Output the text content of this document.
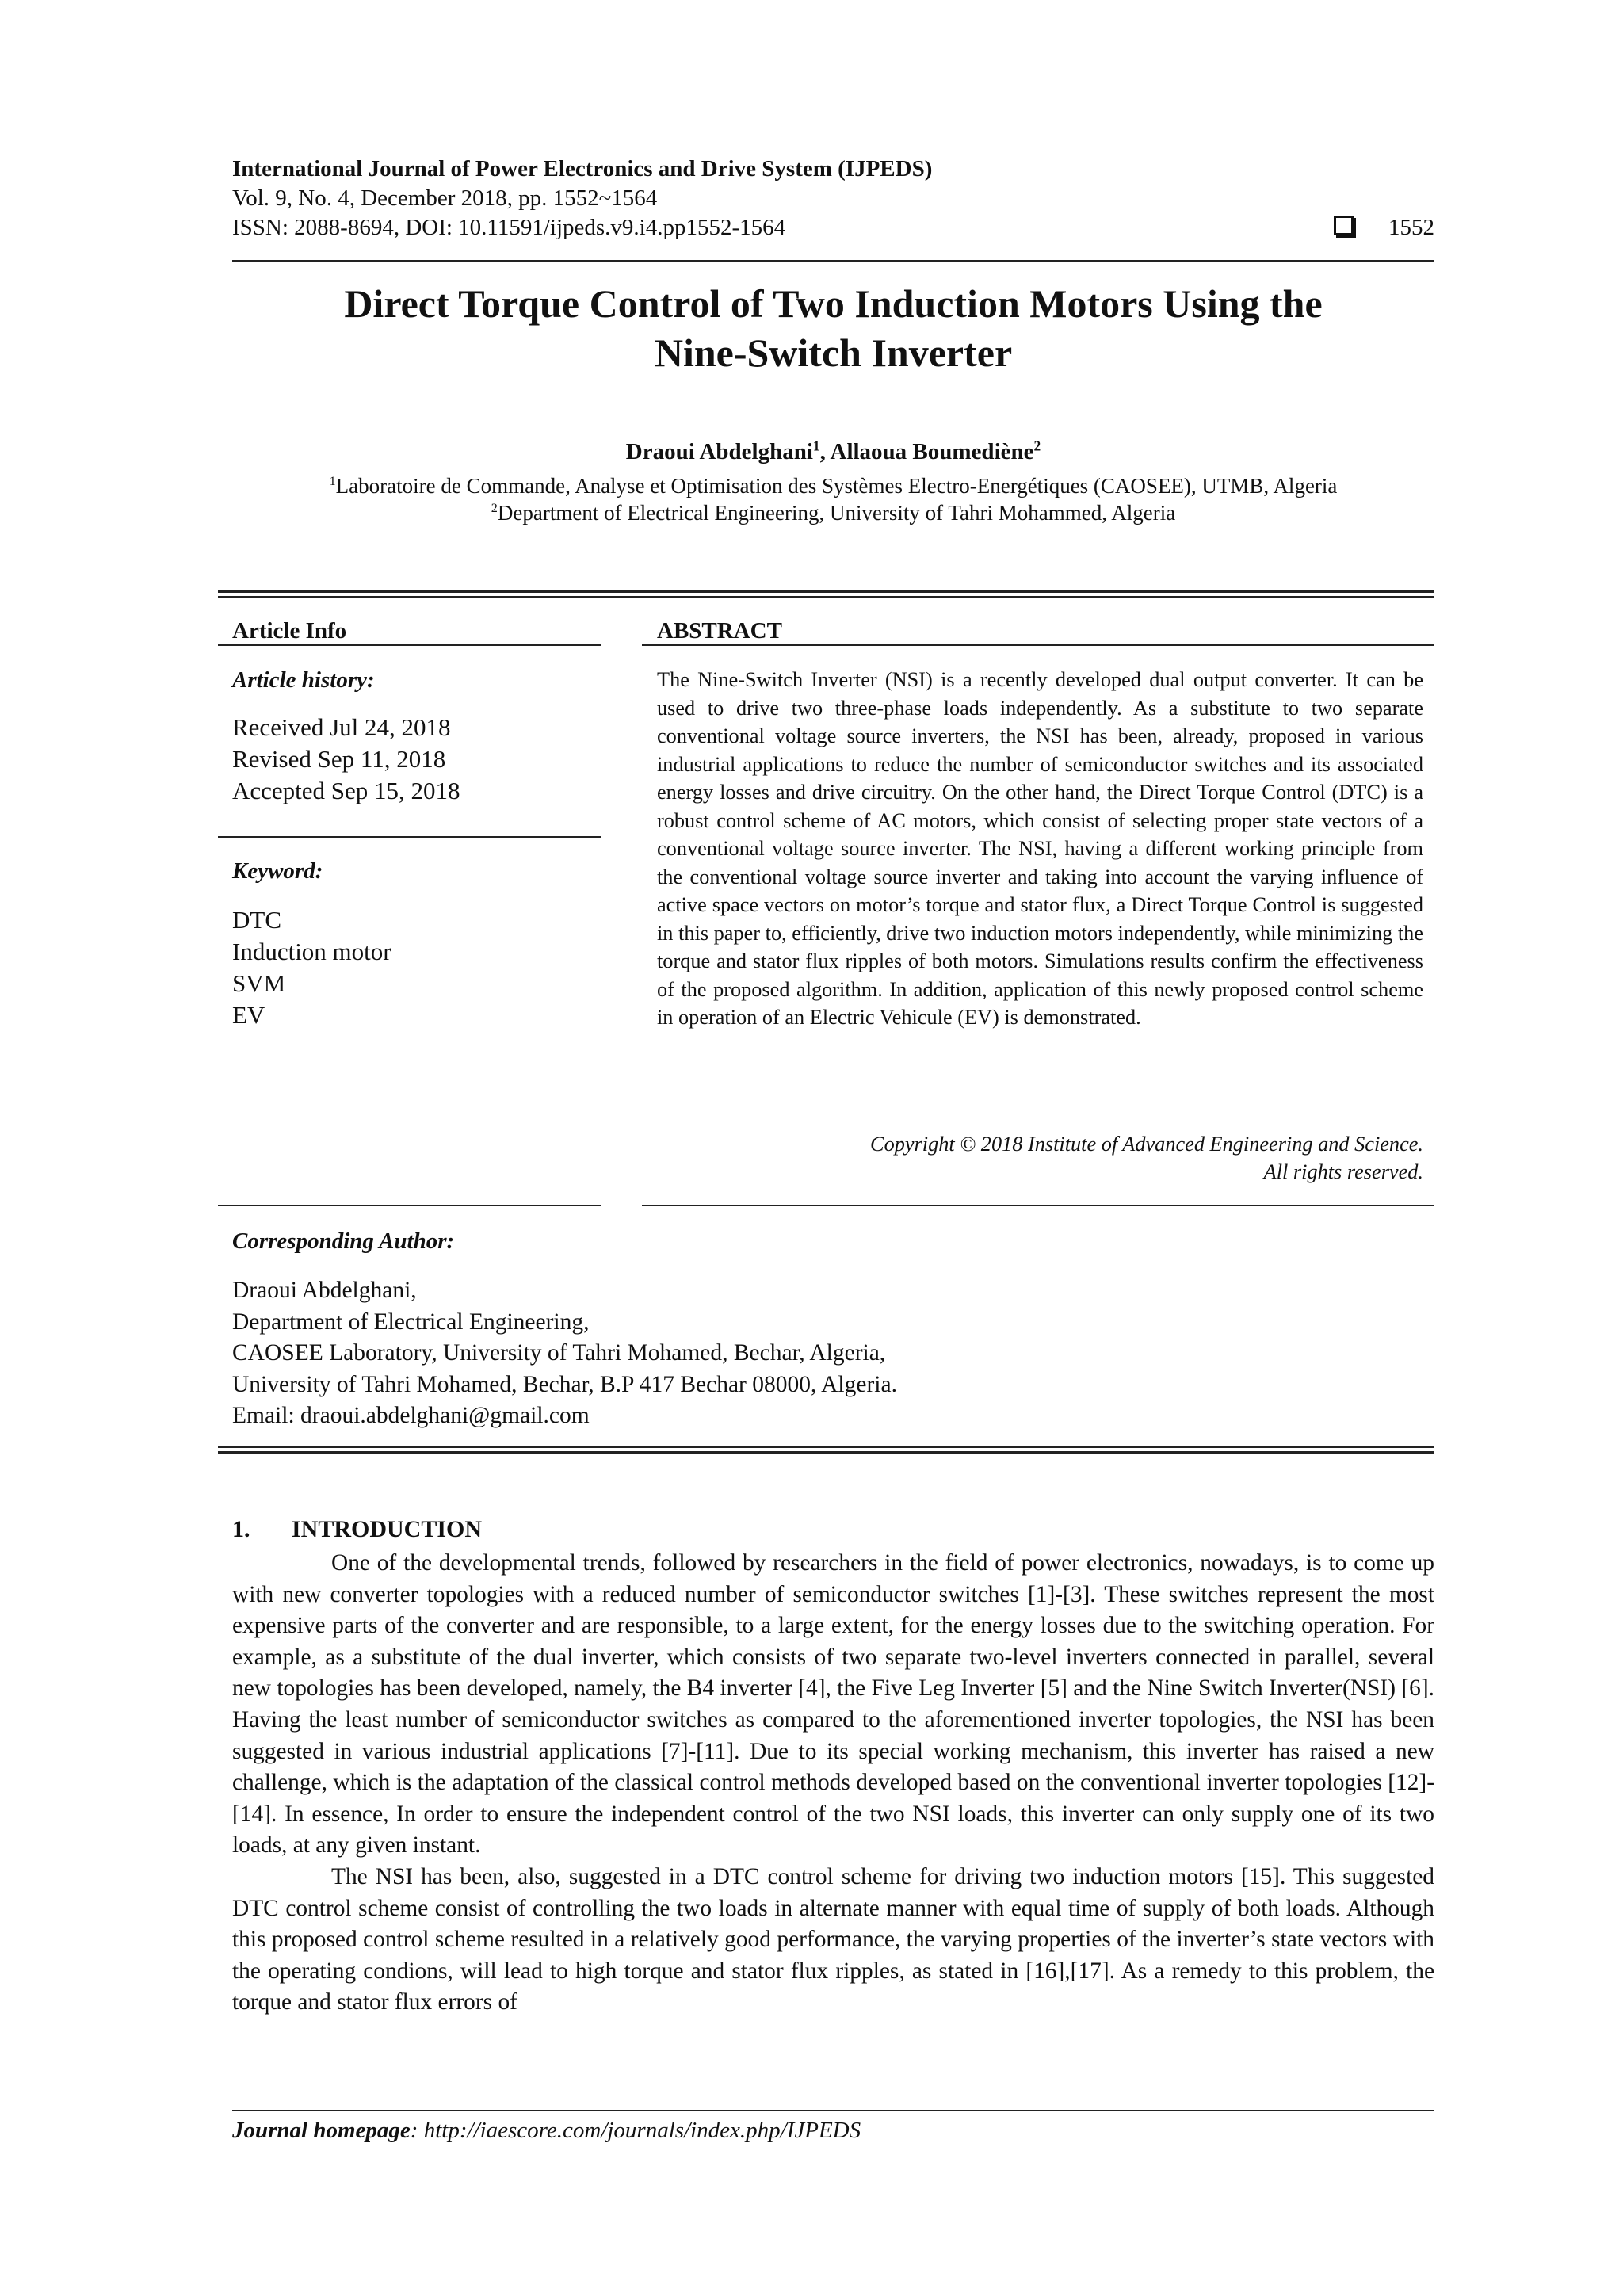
International Journal of Power Electronics and Drive System (IJPEDS)
Vol. 9, No. 4, December 2018, pp. 1552~1564
ISSN: 2088-8694, DOI: 10.11591/ijpeds.v9.i4.pp1552-1564	1552
Direct Torque Control of Two Induction Motors Using the
Nine-Switch Inverter
Draoui Abdelghani$^1$, Allaoua Boumediène$^2$
$^1$Laboratoire de Commande, Analyse et Optimisation des Systèmes Electro-Energétiques (CAOSEE), UTMB, Algeria
$^2$Department of Electrical Engineering, University of Tahri Mohammed, Algeria
Article Info
Article history:
Received Jul 24, 2018
Revised Sep 11, 2018
Accepted Sep 15, 2018
Keyword:
DTC
Induction motor
SVM
EV
ABSTRACT
The Nine-Switch Inverter (NSI) is a recently developed dual output converter. It can be used to drive two three-phase loads independently. As a substitute to two separate conventional voltage source inverters, the NSI has been, already, proposed in various industrial applications to reduce the number of semiconductor switches and its associated energy losses and drive circuitry. On the other hand, the Direct Torque Control (DTC) is a robust control scheme of AC motors, which consist of selecting proper state vectors of a conventional voltage source inverter. The NSI, having a different working principle from the conventional voltage source inverter and taking into account the varying influence of active space vectors on motor’s torque and stator flux, a Direct Torque Control is suggested in this paper to, efficiently, drive two induction motors independently, while minimizing the torque and stator flux ripples of both motors. Simulations results confirm the effectiveness of the proposed algorithm. In addition, application of this newly proposed control scheme in operation of an Electric Vehicule (EV) is demonstrated.
Copyright © 2018 Institute of Advanced Engineering and Science.
All rights reserved.
Corresponding Author:
Draoui Abdelghani,
Department of Electrical Engineering,
CAOSEE Laboratory, University of Tahri Mohamed, Bechar, Algeria,
University of Tahri Mohamed, Bechar, B.P 417 Bechar 08000, Algeria.
Email: draoui.abdelghani@gmail.com
1. INTRODUCTION

One of the developmental trends, followed by researchers in the field of power electronics, nowadays, is to come up with new converter topologies with a reduced number of semiconductor switches [1]-[3]. These switches represent the most expensive parts of the converter and are responsible, to a large extent, for the energy losses due to the switching operation. For example, as a substitute of the dual inverter, which consists of two separate two-level inverters connected in parallel, several new topologies has been developed, namely, the B4 inverter [4], the Five Leg Inverter [5] and the Nine Switch Inverter(NSI) [6]. Having the least number of semiconductor switches as compared to the aforementioned inverter topologies, the NSI has been suggested in various industrial applications [7]-[11]. Due to its special working mechanism, this inverter has raised a new challenge, which is the adaptation of the classical control methods developed based on the conventional inverter topologies [12]-[14]. In essence, In order to ensure the independent control of the two NSI loads, this inverter can only supply one of its two loads, at any given instant.

The NSI has been, also, suggested in a DTC control scheme for driving two induction motors [15]. This suggested DTC control scheme consist of controlling the two loads in alternate manner with equal time of supply of both loads. Although this proposed control scheme resulted in a relatively good performance, the varying properties of the inverter’s state vectors with the operating condions, will lead to high torque and stator flux ripples, as stated in [16],[17]. As a remedy to this problem, the torque and stator flux errors of

Journal homepage: http://iaescore.com/journals/index.php/IJPEDS
